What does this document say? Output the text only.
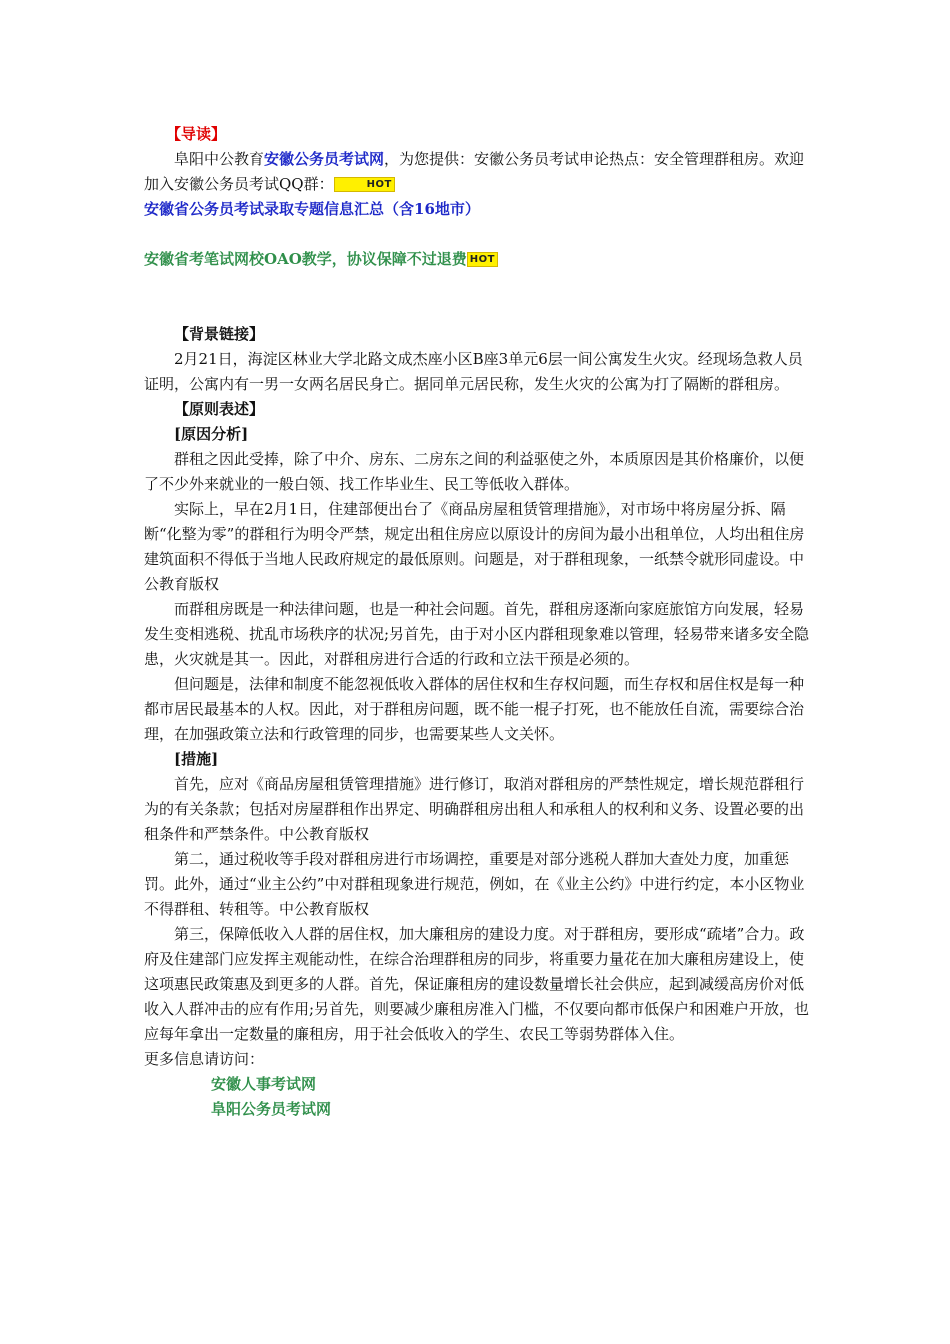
【导读】

阜阳中公教育安徽公务员考试网，为您提供：安徽公务员考试申论热点：安全管理群租房。欢迎加入安徽公务员考试QQ群：	HOT

安徽省公务员考试录取专题信息汇总（含16地市）

安徽省考笔试网校OAO教学，协议保障不过退费 HOT

【背景链接】

2月21日，海淀区林业大学北路文成杰座小区B座3单元6层一间公寓发生火灾。经现场急救人员证明，公寓内有一男一女两名居民身亡。据同单元居民称，发生火灾的公寓为打了隔断的群租房。

【原则表述】

[原因分析]

群租之因此受捧，除了中介、房东、二房东之间的利益驱使之外，本质原因是其价格廉价，以便了不少外来就业的一般白领、找工作毕业生、民工等低收入群体。

实际上，早在2月1日，住建部便出台了《商品房屋租赁管理措施》，对市场中将房屋分拆、隔断“化整为零”的群租行为明令严禁，规定出租住房应以原设计的房间为最小出租单位，人均出租住房建筑面积不得低于当地人民政府规定的最低原则。问题是，对于群租现象，一纸禁令就形同虚设。中公教育版权

而群租房既是一种法律问题，也是一种社会问题。首先，群租房逐渐向家庭旅馆方向发展，轻易发生变相逃税、扰乱市场秩序的状况;另首先，由于对小区内群租现象难以管理，轻易带来诸多安全隐患，火灾就是其一。因此，对群租房进行合适的行政和立法干预是必须的。

但问题是，法律和制度不能忽视低收入群体的居住权和生存权问题，而生存权和居住权是每一种都市居民最基本的人权。因此，对于群租房问题，既不能一棍子打死，也不能放任自流，需要综合治理，在加强政策立法和行政管理的同步，也需要某些人文关怀。

[措施]

首先，应对《商品房屋租赁管理措施》进行修订，取消对群租房的严禁性规定，增长规范群租行为的有关条款；包括对房屋群租作出界定、明确群租房出租人和承租人的权利和义务、设置必要的出租条件和严禁条件。中公教育版权

第二，通过税收等手段对群租房进行市场调控，重要是对部分逃税人群加大查处力度，加重惩罚。此外，通过“业主公约”中对群租现象进行规范，例如，在《业主公约》中进行约定，本小区物业不得群租、转租等。中公教育版权

第三，保障低收入人群的居住权，加大廉租房的建设力度。对于群租房，要形成“疏堵”合力。政府及住建部门应发挥主观能动性，在综合治理群租房的同步，将重要力量花在加大廉租房建设上，使这项惠民政策惠及到更多的人群。首先，保证廉租房的建设数量增长社会供应，起到减缓高房价对低收入人群冲击的应有作用;另首先，则要减少廉租房准入门槛，不仅要向都市低保户和困难户开放，也应每年拿出一定数量的廉租房，用于社会低收入的学生、农民工等弱势群体入住。

更多信息请访问：

安徽人事考试网

阜阳公务员考试网
